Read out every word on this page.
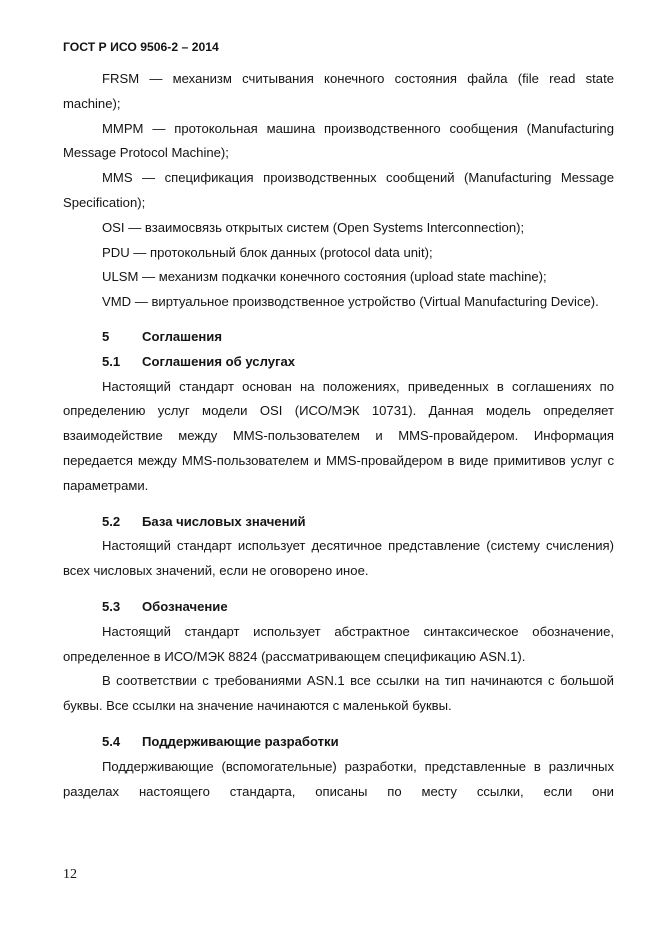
ГОСТ Р ИСО 9506-2 – 2014

FRSM — механизм считывания конечного состояния файла (file read state machine);

MMPM — протокольная машина производственного сообщения (Manufacturing Message Protocol Machine);

MMS — спецификация производственных сообщений (Manufacturing Message Specification);

OSI — взаимосвязь открытых систем (Open Systems Interconnection);

PDU — протокольный блок данных (protocol data unit);

ULSM — механизм подкачки конечного состояния (upload state machine);

VMD — виртуальное производственное устройство (Virtual Manufacturing Device).

5	Соглашения
5.1	Соглашения об услугах

Настоящий стандарт основан на положениях, приведенных в соглашениях по определению услуг модели OSI (ИСО/МЭК 10731). Данная модель определяет взаимодействие между MMS-пользователем и MMS-провайдером. Информация передается между MMS-пользователем и MMS-провайдером в виде примитивов услуг с параметрами.

5.2	База числовых значений

Настоящий стандарт использует десятичное представление (систему счисления) всех числовых значений, если не оговорено иное.

5.3	Обозначение

Настоящий стандарт использует абстрактное синтаксическое обозначение, определенное в ИСО/МЭК 8824 (рассматривающем спецификацию ASN.1).

В соответствии с требованиями ASN.1 все ссылки на тип начинаются с большой буквы. Все ссылки на значение начинаются с маленькой буквы.

5.4	Поддерживающие разработки

Поддерживающие (вспомогательные) разработки, представленные в различных разделах настоящего стандарта, описаны по месту ссылки, если они

12
